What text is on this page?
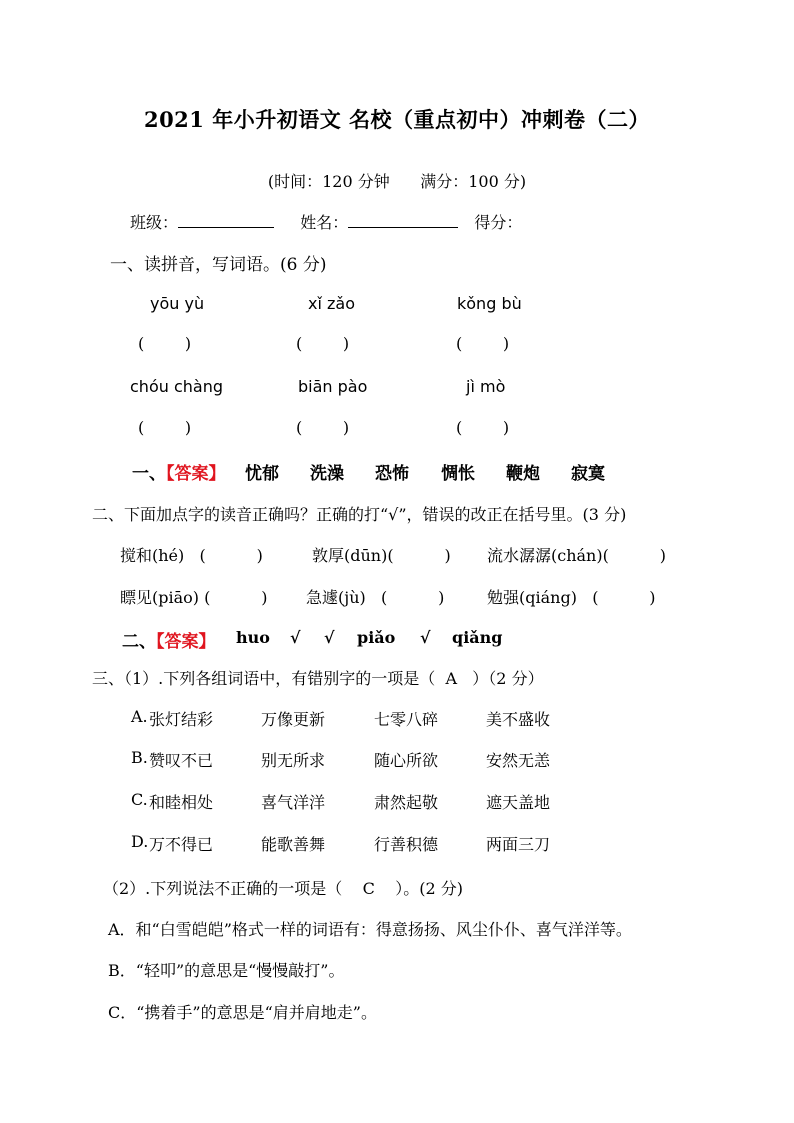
2021 年小升初语文 名校（重点初中）冲刺卷（二）
(时间：120 分钟      满分：100 分)
班级：	姓名：	得分：
一、读拼音，写词语。(6 分)
yōu yù	xǐ zǎo	kǒng bù
(        )	(        )	(        )
chóu chàng	biān pào	jì mò
(        )	(        )	(        )
一、【答案】 忧郁 洗澡 恐怖 惆怅 鞭炮 寂寞
二、下面加点字的读音正确吗？正确的打“√”，错误的改正在括号里。(3 分)
搅和(hé)   (          )	敦厚(dūn)(          ) 流水潺潺(chán)(          )
瞟见(piāo) (          ) 急遽(jù)   (          )	勉强(qiáng)   (          )
二、【答案】 huo √ √ piǎo √ qiǎng
三、（1）.下列各组词语中，有错别字的一项是（ A ）（2 分）
A. 张灯结彩	万像更新	七零八碎	美不盛收
B. 赞叹不已	别无所求	随心所欲	安然无恙
C. 和睦相处	喜气洋洋	肃然起敬	遮天盖地
D. 万不得已	能歌善舞	行善积德	两面三刀
（2）.下列说法不正确的一项是（    C    ）。(2 分)
A．和“白雪皑皑”格式一样的词语有：得意扬扬、风尘仆仆、喜气洋洋等。
B．“轻叩”的意思是“慢慢敲打”。
C．“携着手”的意思是“肩并肩地走”。
